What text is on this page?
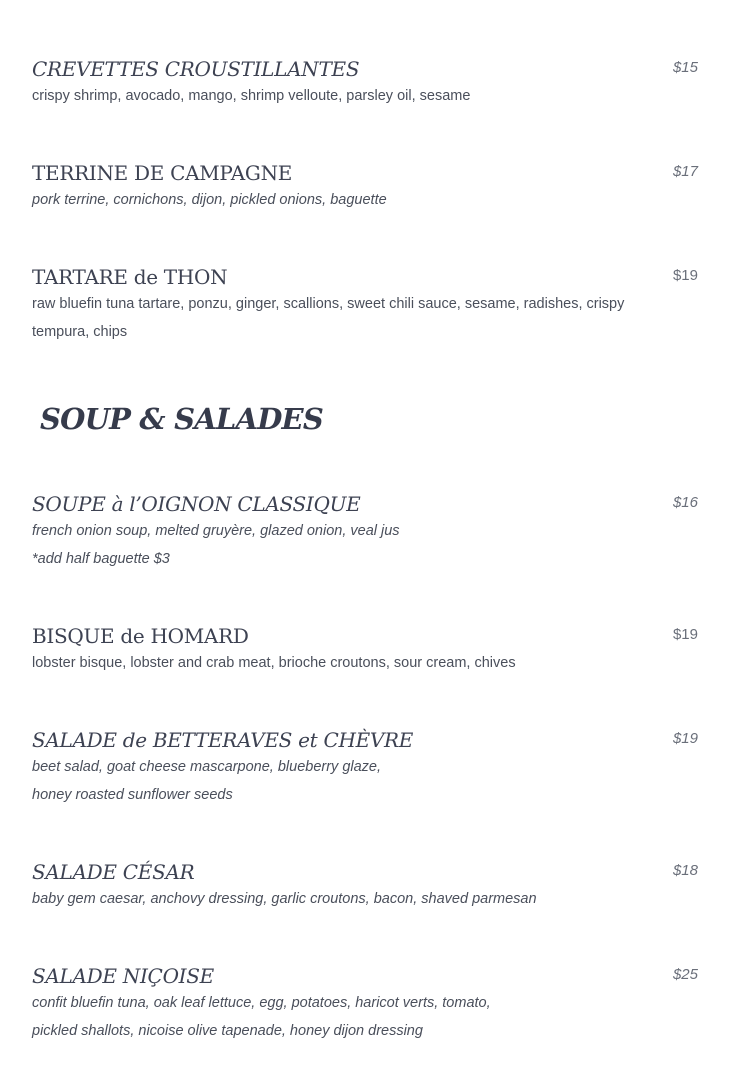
CREVETTES CROUSTILLANTES	$15
crispy shrimp, avocado, mango, shrimp velloute, parsley oil, sesame
TERRINE DE CAMPAGNE	$17
pork terrine, cornichons, dijon, pickled onions, baguette
TARTARE de THON	$19
raw bluefin tuna tartare, ponzu, ginger, scallions, sweet chili sauce, sesame, radishes, crispy
tempura, chips
SOUP & SALADES
SOUPE à l’OIGNON CLASSIQUE	$16
french onion soup, melted gruyère, glazed onion, veal jus
*add half baguette $3
BISQUE de HOMARD	$19
lobster bisque, lobster and crab meat, brioche croutons, sour cream, chives
SALADE de BETTERAVES et CHÈVRE	$19
beet salad, goat cheese mascarpone, blueberry glaze,
honey roasted sunflower seeds
SALADE CÉSAR	$18
baby gem caesar, anchovy dressing, garlic croutons, bacon, shaved parmesan
SALADE NIÇOISE	$25
confit bluefin tuna, oak leaf lettuce, egg, potatoes, haricot verts, tomato,
pickled shallots, nicoise olive tapenade, honey dijon dressing
